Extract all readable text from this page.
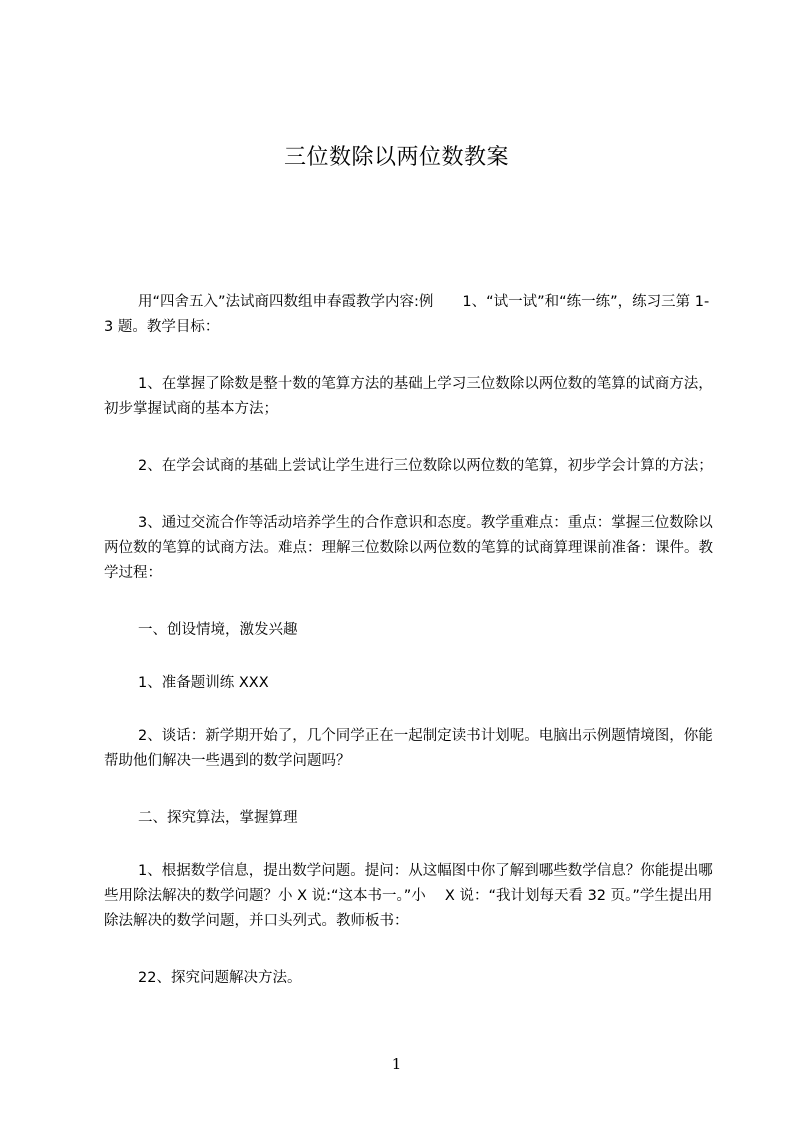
三位数除以两位数教案

用“四舍五入”法试商四数组申春霞教学内容:例　　1、“试一试”和“练一练”，练习三第 1-3 题。教学目标：

1、在掌握了除数是整十数的笔算方法的基础上学习三位数除以两位数的笔算的试商方法，初步掌握试商的基本方法；

2、在学会试商的基础上尝试让学生进行三位数除以两位数的笔算，初步学会计算的方法；

3、通过交流合作等活动培养学生的合作意识和态度。教学重难点：重点：掌握三位数除以两位数的笔算的试商方法。难点：理解三位数除以两位数的笔算的试商算理课前准备：课件。教学过程：

一、创设情境，激发兴趣

1、准备题训练 XXX

2、谈话：新学期开始了，几个同学正在一起制定读书计划呢。电脑出示例题情境图，你能帮助他们解决一些遇到的数学问题吗？

二、探究算法，掌握算理

1、根据数学信息，提出数学问题。提问：从这幅图中你了解到哪些数学信息？你能提出哪些用除法解决的数学问题？小 X 说:“这本书一。”小　 X 说：“我计划每天看 32 页。”学生提出用除法解决的数学问题，并口头列式。教师板书：

22、探究问题解决方法。

1
